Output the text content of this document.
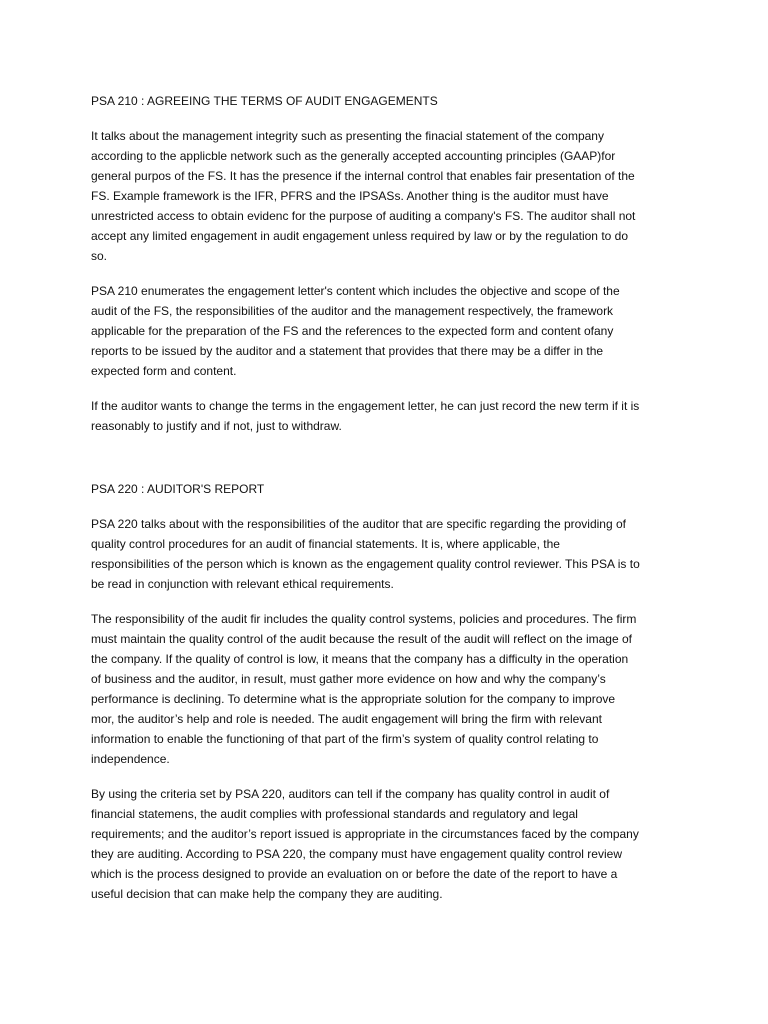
PSA 210 : AGREEING THE TERMS OF AUDIT ENGAGEMENTS
It talks about the management integrity such as presenting the finacial statement of the company
according to the applicble network such as the generally accepted accounting principles (GAAP)for
general purpos of the FS. It has the presence if the internal control that enables fair presentation of the
FS. Example framework is the IFR, PFRS and the IPSASs. Another thing is the auditor must have
unrestricted access to obtain evidenc for the purpose of auditing a company's FS. The auditor shall not
accept any limited engagement in audit engagement unless required by law or by the regulation to do
so.
PSA 210 enumerates the engagement letter's content which includes the objective and scope of the
audit of the FS, the responsibilities of the auditor and the management respectively, the framework
applicable for the preparation of the FS and the references to the expected form and content ofany
reports to be issued by the auditor and a statement that provides that there may be a differ in the
expected form and content.
If the auditor wants to change the terms in the engagement letter, he can just record the new term if it is
reasonably to justify and if not, just to withdraw.
PSA 220 : AUDITOR'S REPORT
PSA 220 talks about with the responsibilities of the auditor that are specific regarding the providing of
quality control procedures for an audit of financial statements. It is, where applicable, the
responsibilities of the person which is known as the engagement quality control reviewer. This PSA is to
be read in conjunction with relevant ethical requirements.
The responsibility of the audit fir includes the quality control systems, policies and procedures. The firm
must maintain the quality control of the audit because the result of the audit will reflect on the image of
the company. If the quality of control is low, it means that the company has a difficulty in the operation
of business and the auditor, in result, must gather more evidence on how and why the company’s
performance is declining. To determine what is the appropriate solution for the company to improve
mor, the auditor’s help and role is needed. The audit engagement will bring the firm with relevant
information to enable the functioning of that part of the firm’s system of quality control relating to
independence.
By using the criteria set by PSA 220, auditors can tell if the company has quality control in audit of
financial statemens, the audit complies with professional standards and regulatory and legal
requirements; and the auditor’s report issued is appropriate in the circumstances faced by the company
they are auditing. According to PSA 220, the company must have engagement quality control review
which is the process designed to provide an evaluation on or before the date of the report to have a
useful decision that can make help the company they are auditing.
